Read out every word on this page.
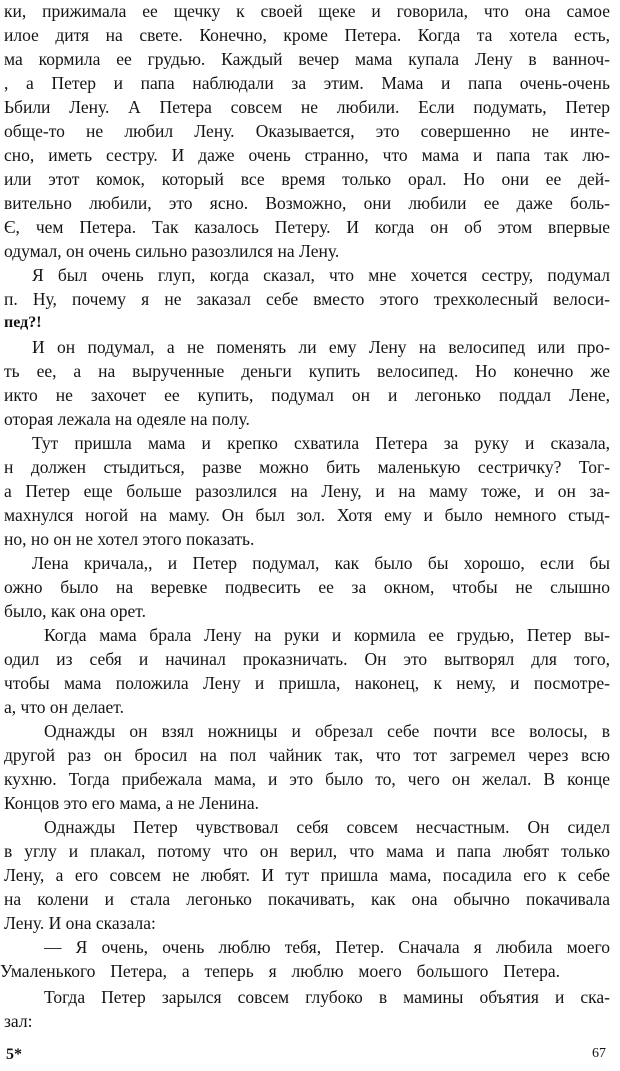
ки, прижимала ее щечку к своей щеке и говорила, что она самое
илое дитя на свете. Конечно, кроме Петера. Когда та хотела есть,
ма кормила ее грудью. Каждый вечер мама купала Лену в ванноч-
, а Петер и папа наблюдали за этим. Мама и папа очень-очень
Ьбили Лену. А Петера совсем не любили. Если подумать, Петер
обще-то не любил Лену. Оказывается, это совершенно не инте-
сно, иметь сестру. И даже очень странно, что мама и папа так лю-
или этот комок, который все время только орал. Но они ее дей-
вительно любили, это ясно. Возможно, они любили ее даже боль-
Є, чем Петера. Так казалось Петеру. И когда он об этом впервые
одумал, он очень сильно разозлился на Лену.
Я был очень глуп, когда сказал, что мне хочется сестру, подумал
п. Ну, почему я не заказал себе вместо этого трехколесный велоси-
пед?!
И он подумал, а не поменять ли ему Лену на велосипед или про-
ть ее, а на вырученные деньги купить велосипед. Но конечно же
икто не захочет ее купить, подумал он и легонько поддал Лене,
оторая лежала на одеяле на полу.
Тут пришла мама и крепко схватила Петера за руку и сказала,
н должен стыдиться, разве можно бить маленькую сестричку? Тог-
а Петер еще больше разозлился на Лену, и на маму тоже, и он за-
махнулся ногой на маму. Он был зол. Хотя ему и было немного стыд-
но, но он не хотел этого показать.
Лена кричала,, и Петер подумал, как было бы хорошо, если бы
ожно было на веревке подвесить ее за окном, чтобы не слышно
было, как она орет.
Когда мама брала Лену на руки и кормила ее грудью, Петер вы-
одил из себя и начинал проказничать. Он это вытворял для того,
чтобы мама положила Лену и пришла, наконец, к нему, и посмотре-
а, что он делает.
Однажды он взял ножницы и обрезал себе почти все волосы, в
другой раз он бросил на пол чайник так, что тот загремел через всю
кухню. Тогда прибежала мама, и это было то, чего он желал. В конце
Концов это его мама, а не Ленина.
Однажды Петер чувствовал себя совсем несчастным. Он сидел
в углу и плакал, потому что он верил, что мама и папа любят только
Лену, а его совсем не любят. И тут пришла мама, посадила его к себе
на колени и стала легонько покачивать, как она обычно покачивала
Лену. И она сказала:
— Я очень, очень люблю тебя, Петер. Сначала я любила моего
Умаленького Петера, а теперь я люблю моего большого Петера.
Тогда Петер зарылся совсем глубоко в мамины объятия и ска-
зал:
5*	67
